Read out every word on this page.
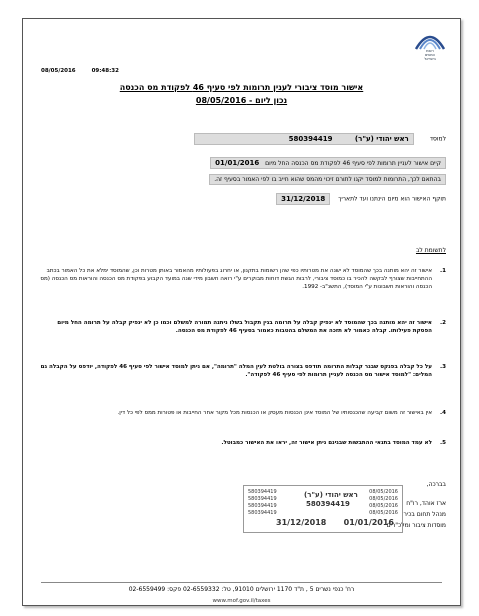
רשות
המסים
בישראל
08/05/2016	09:48:32
אישור מוסד ציבורי לענין תרומות לפי סעיף 46 לפקודת מס הכנסה
נכון ליום - 08/05/2016
למוסד ראש יהודי (ע"ר) 580394419
קיים אישור לעניין תרומות לפי סעיף 46 לפקודת מס הכנסה החל מיום 01/01/2016
בהתאם לכך, התרומות למוסד יקנו לתורם זיכוי מהמס שהוא חייב בו לפי האמור בסעיף זה.
תוקף האישור הוא מיום הינתנו ועד לתאריך 31/12/2018
לתשומת לב
1.אישור זה יהא מותנה בכך שהמוסד לא ישנה את מטרותיו כפי שהן רשומות בתקנון, או יחרוג בפעולותיו מהאמור באותן מטרות וכן, שהמוסד ימלא את כל האמור בכתב ההתחייבות שצורף לבקשה להכיר בו כמוסד ציבורי, לרבות הגשת דוחות מבוקרים ע"י רואה חשבון מידי שנה במועד הקבוע בפקודת מס הכנסה והוראות מס הכנסה (מס הכנסה והוראות חשבונות ע"י המוסד), התשנ"ב- 1992.
2.אישור זה יהא מותנה בכך שהמוסד לא ינפיק קבלה על תרומה בגין תקבול בשלו ניתנה תמורה למשלם וכמו כן לא ינפיק קבלה על תרומה החל מיום הפסקת פעילותו. קבלה כאמור לא תזכה את המשלם בהטבות כאמור בסעיף 46 לפקודת מס הכנסה.
3.על כל קבלה בפנקס שבגר קבלות התרומה תודפס בצורה בולטת לעין המלה "תרומה", אם ניתן למוסד אישור לפי סעיף 46 לפקודה, יודפס על הקבלה גם המלים: "למוסד אישור מס הכנסה לעניין תרומות לפי סעיף 46 לפקודה".
4.אין באישור זה משום קביעה שהכנסותיו של המוסד אינן הכנסות מעסק או הכנסות מכל מקור אחר החייבות או פטורות ממס לפי כל דין.
5.לא עמד המוסד בתנאי ההתבשות שבגינם ניתן אישור זה, יראו את האישור כמבוטל.
בברכה,
ארז אוהד, רו"ח
מנהל תחום בכיר
מוסדות ציבור ומלכ"רים
580394419
580394419
580394419
580394419
ראש יהודי (ע"ר)
580394419
08/05/2016
08/05/2016
08/05/2016
08/05/2016
31/12/2018 01/01/2016
רח' כנפי נשרים 5 , ת"ד 1170 ירושלים 91010, טל: 02-6559332 פקס: 02-6559499
www.mof.gov.il/taxes
